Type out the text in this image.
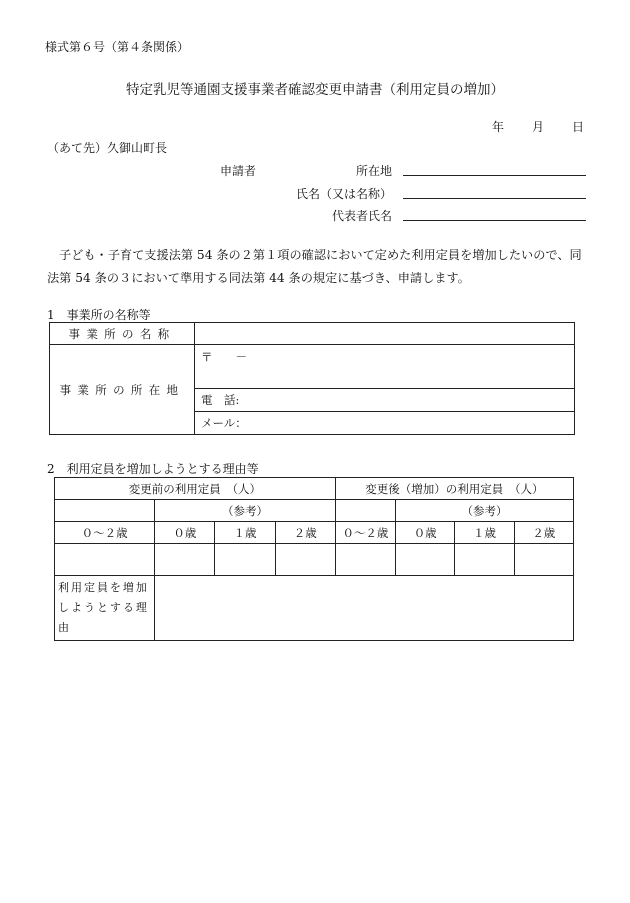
様式第６号（第４条関係）
特定乳児等通園支援事業者確認変更申請書（利用定員の増加）
年 月 日
（あて先）久御山町長
申請者	所在地
氏名（又は名称）
代表者氏名
子ども・子育て支援法第 54 条の２第１項の確認において定めた利用定員を増加したいので、同法第 54 条の３において準用する同法第 44 条の規定に基づき、申請します。
1　事業所の名称等
事業所の名称	
事業所の所在地	〒　　－
	電　話:
	メール：
2　利用定員を増加しようとする理由等
変更前の利用定員　（人）				変更後（増加）の利用定員　（人）			
	（参考）				（参考）		
０～２歳	０歳	１歳	２歳	０～２歳	０歳	１歳	２歳

利用定員を増加
しようとする理由							
